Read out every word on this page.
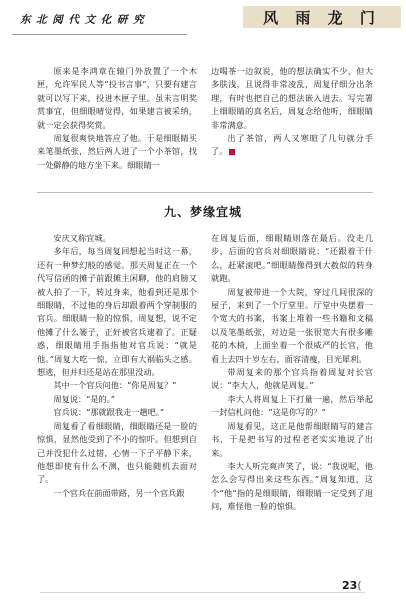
东 北 阅 代 文 化 研 究	风 雨 龙 门

原来是李鸿章在辕门外放置了一个木匣，允许军民人等“投书言事”，只要有建言就可以写下来，投进木匣子里。虽未言明奖赏事宜，但细眼晴觉得，如果建言被采纳，就一定会获得奖赏。

周复很爽快地答应了他。于是细眼睛买来笔墨纸张，然后两人进了一个小茶馆，找一处僻静的地方坐下来。细眼睛一

边喝茶一边叙说，他的想法确实不少，但大多肤浅，且说得非常凌乱，周复仔细分出条理，有时也把自己的想法嵌入进去。写完署上细眼睛的真名后，周复念给他听，细眼睛非常满意。

出了茶馆，两人又寒暄了几句就分手了。

九、梦缘宜城

安庆又称宜城。

多年后，每当周复回想起当时这一幕，还有一种梦幻般的感觉。那天周复正在一个代写信函的摊子前跟摊主闲聊，他的肩膀又被人拍了一下，转过身来，他看到还是那个细眼睛，不过他的身后却跟着两个穿制服的官兵。细眼睛一脸的惊惧，周复想，说不定他摊了什么篓子，正好被官兵逮着了。正疑惑，细眼睛用手指指他对官兵说：“就是他。”周复大吃一惊，立即有大祸临头之感。想逃，但并归还是站在那里没动。

其中一个官兵问他：“你是周复？”

周复说：“是的。”

官兵说：“那就跟我走一趟吧。”

周复看了看细眼睛，细眼睛还是一脸的惊惧，显然他受到了不小的惊吓。但想到自己并没犯什么过错，心情一下子平静下来，他想即使有什么不测，也只能随机去面对了。

一个官兵在前面带路，另一个官兵跟

在周复后面，细眼睛则落在最后。没走几步，后面的官兵对细眼睛说：“还跟着干什么，赶紧滚吧。”细眼睛像得到大赦似的转身就跑。

周复被带进一个大院，穿过几间很深的屋子，来到了一个厅堂里。厅堂中央摆着一个宽大的书案，书案上堆着一些书籍和文稿以及笔墨纸张，对边是一张很宽大有很多雕花的木椅，上面坐着一个很威严的长官，他看上去四十岁左右，面容清瘦，目光犀利。

带周复来的那个官兵指着周复对长官说：“李大人，他就是周复。”

李大人将周复上下打量一遍，然后举起一封信札问他：“这是你写的？”

周复看见，这正是他帮细眼睛写的建言书，于是把书写的过程老老实实地说了出来。

李大人听完爽声笑了，说：“我说呢，他怎么会写得出来这些东西。”周复知道，这个“他”指的是细眼睛，细眼睛一定受到了退问，难怪他一脸的惊惧。

23(
